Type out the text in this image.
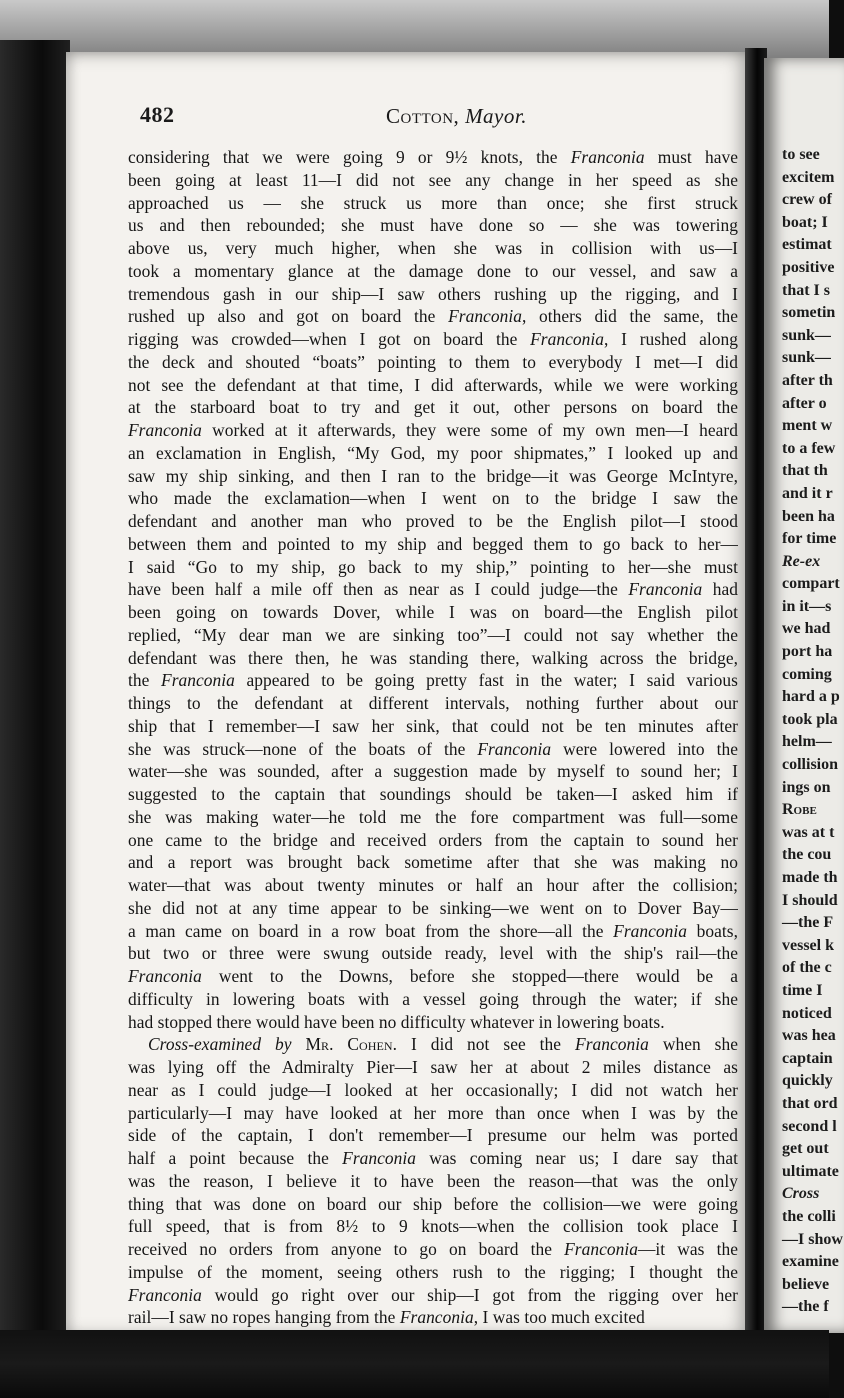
to see
excitem
crew of
boat; I
estimat
positive
that I s
sometin
sunk—
sunk—
after th
after o
ment w
to a few
that th
and it r
been ha
for time
Re-ex
compart
in it—s
we had
port ha
coming
hard a p
took pla
helm—
collision
ings on
Robe
was at t
the cou
made th
I should
—the F
vessel k
of the c
time I
noticed
was hea
captain
quickly
that ord
second l
get out
ultimate
Cross
the colli
—I show
examine
believe
—the f
482	Cotton, Mayor.
considering that we were going 9 or 9½ knots, the Franconia must have
been going at least 11—I did not see any change in her speed as she
approached us — she struck us more than once; she first struck
us and then rebounded; she must have done so — she was towering
above us, very much higher, when she was in collision with us—I
took a momentary glance at the damage done to our vessel, and saw a
tremendous gash in our ship—I saw others rushing up the rigging, and I
rushed up also and got on board the Franconia, others did the same, the
rigging was crowded—when I got on board the Franconia, I rushed along
the deck and shouted “boats” pointing to them to everybody I met—I did
not see the defendant at that time, I did afterwards, while we were working
at the starboard boat to try and get it out, other persons on board the
Franconia worked at it afterwards, they were some of my own men—I heard
an exclamation in English, “My God, my poor shipmates,” I looked up and
saw my ship sinking, and then I ran to the bridge—it was George McIntyre,
who made the exclamation—when I went on to the bridge I saw the
defendant and another man who proved to be the English pilot—I stood
between them and pointed to my ship and begged them to go back to her—
I said “Go to my ship, go back to my ship,” pointing to her—she must
have been half a mile off then as near as I could judge—the Franconia had
been going on towards Dover, while I was on board—the English pilot
replied, “My dear man we are sinking too”—I could not say whether the
defendant was there then, he was standing there, walking across the bridge,
the Franconia appeared to be going pretty fast in the water; I said various
things to the defendant at different intervals, nothing further about our
ship that I remember—I saw her sink, that could not be ten minutes after
she was struck—none of the boats of the Franconia were lowered into the
water—she was sounded, after a suggestion made by myself to sound her; I
suggested to the captain that soundings should be taken—I asked him if
she was making water—he told me the fore compartment was full—some
one came to the bridge and received orders from the captain to sound her
and a report was brought back sometime after that she was making no
water—that was about twenty minutes or half an hour after the collision;
she did not at any time appear to be sinking—we went on to Dover Bay—
a man came on board in a row boat from the shore—all the Franconia boats,
but two or three were swung outside ready, level with the ship's rail—the
Franconia went to the Downs, before she stopped—there would be a
difficulty in lowering boats with a vessel going through the water; if she
had stopped there would have been no difficulty whatever in lowering boats.
Cross-examined by Mr. Cohen. I did not see the Franconia when she
was lying off the Admiralty Pier—I saw her at about 2 miles distance as
near as I could judge—I looked at her occasionally; I did not watch her
particularly—I may have looked at her more than once when I was by the
side of the captain, I don't remember—I presume our helm was ported
half a point because the Franconia was coming near us; I dare say that
was the reason, I believe it to have been the reason—that was the only
thing that was done on board our ship before the collision—we were going
full speed, that is from 8½ to 9 knots—when the collision took place I
received no orders from anyone to go on board the Franconia—it was the
impulse of the moment, seeing others rush to the rigging; I thought the
Franconia would go right over our ship—I got from the rigging over her
rail—I saw no ropes hanging from the Franconia, I was too much excited
